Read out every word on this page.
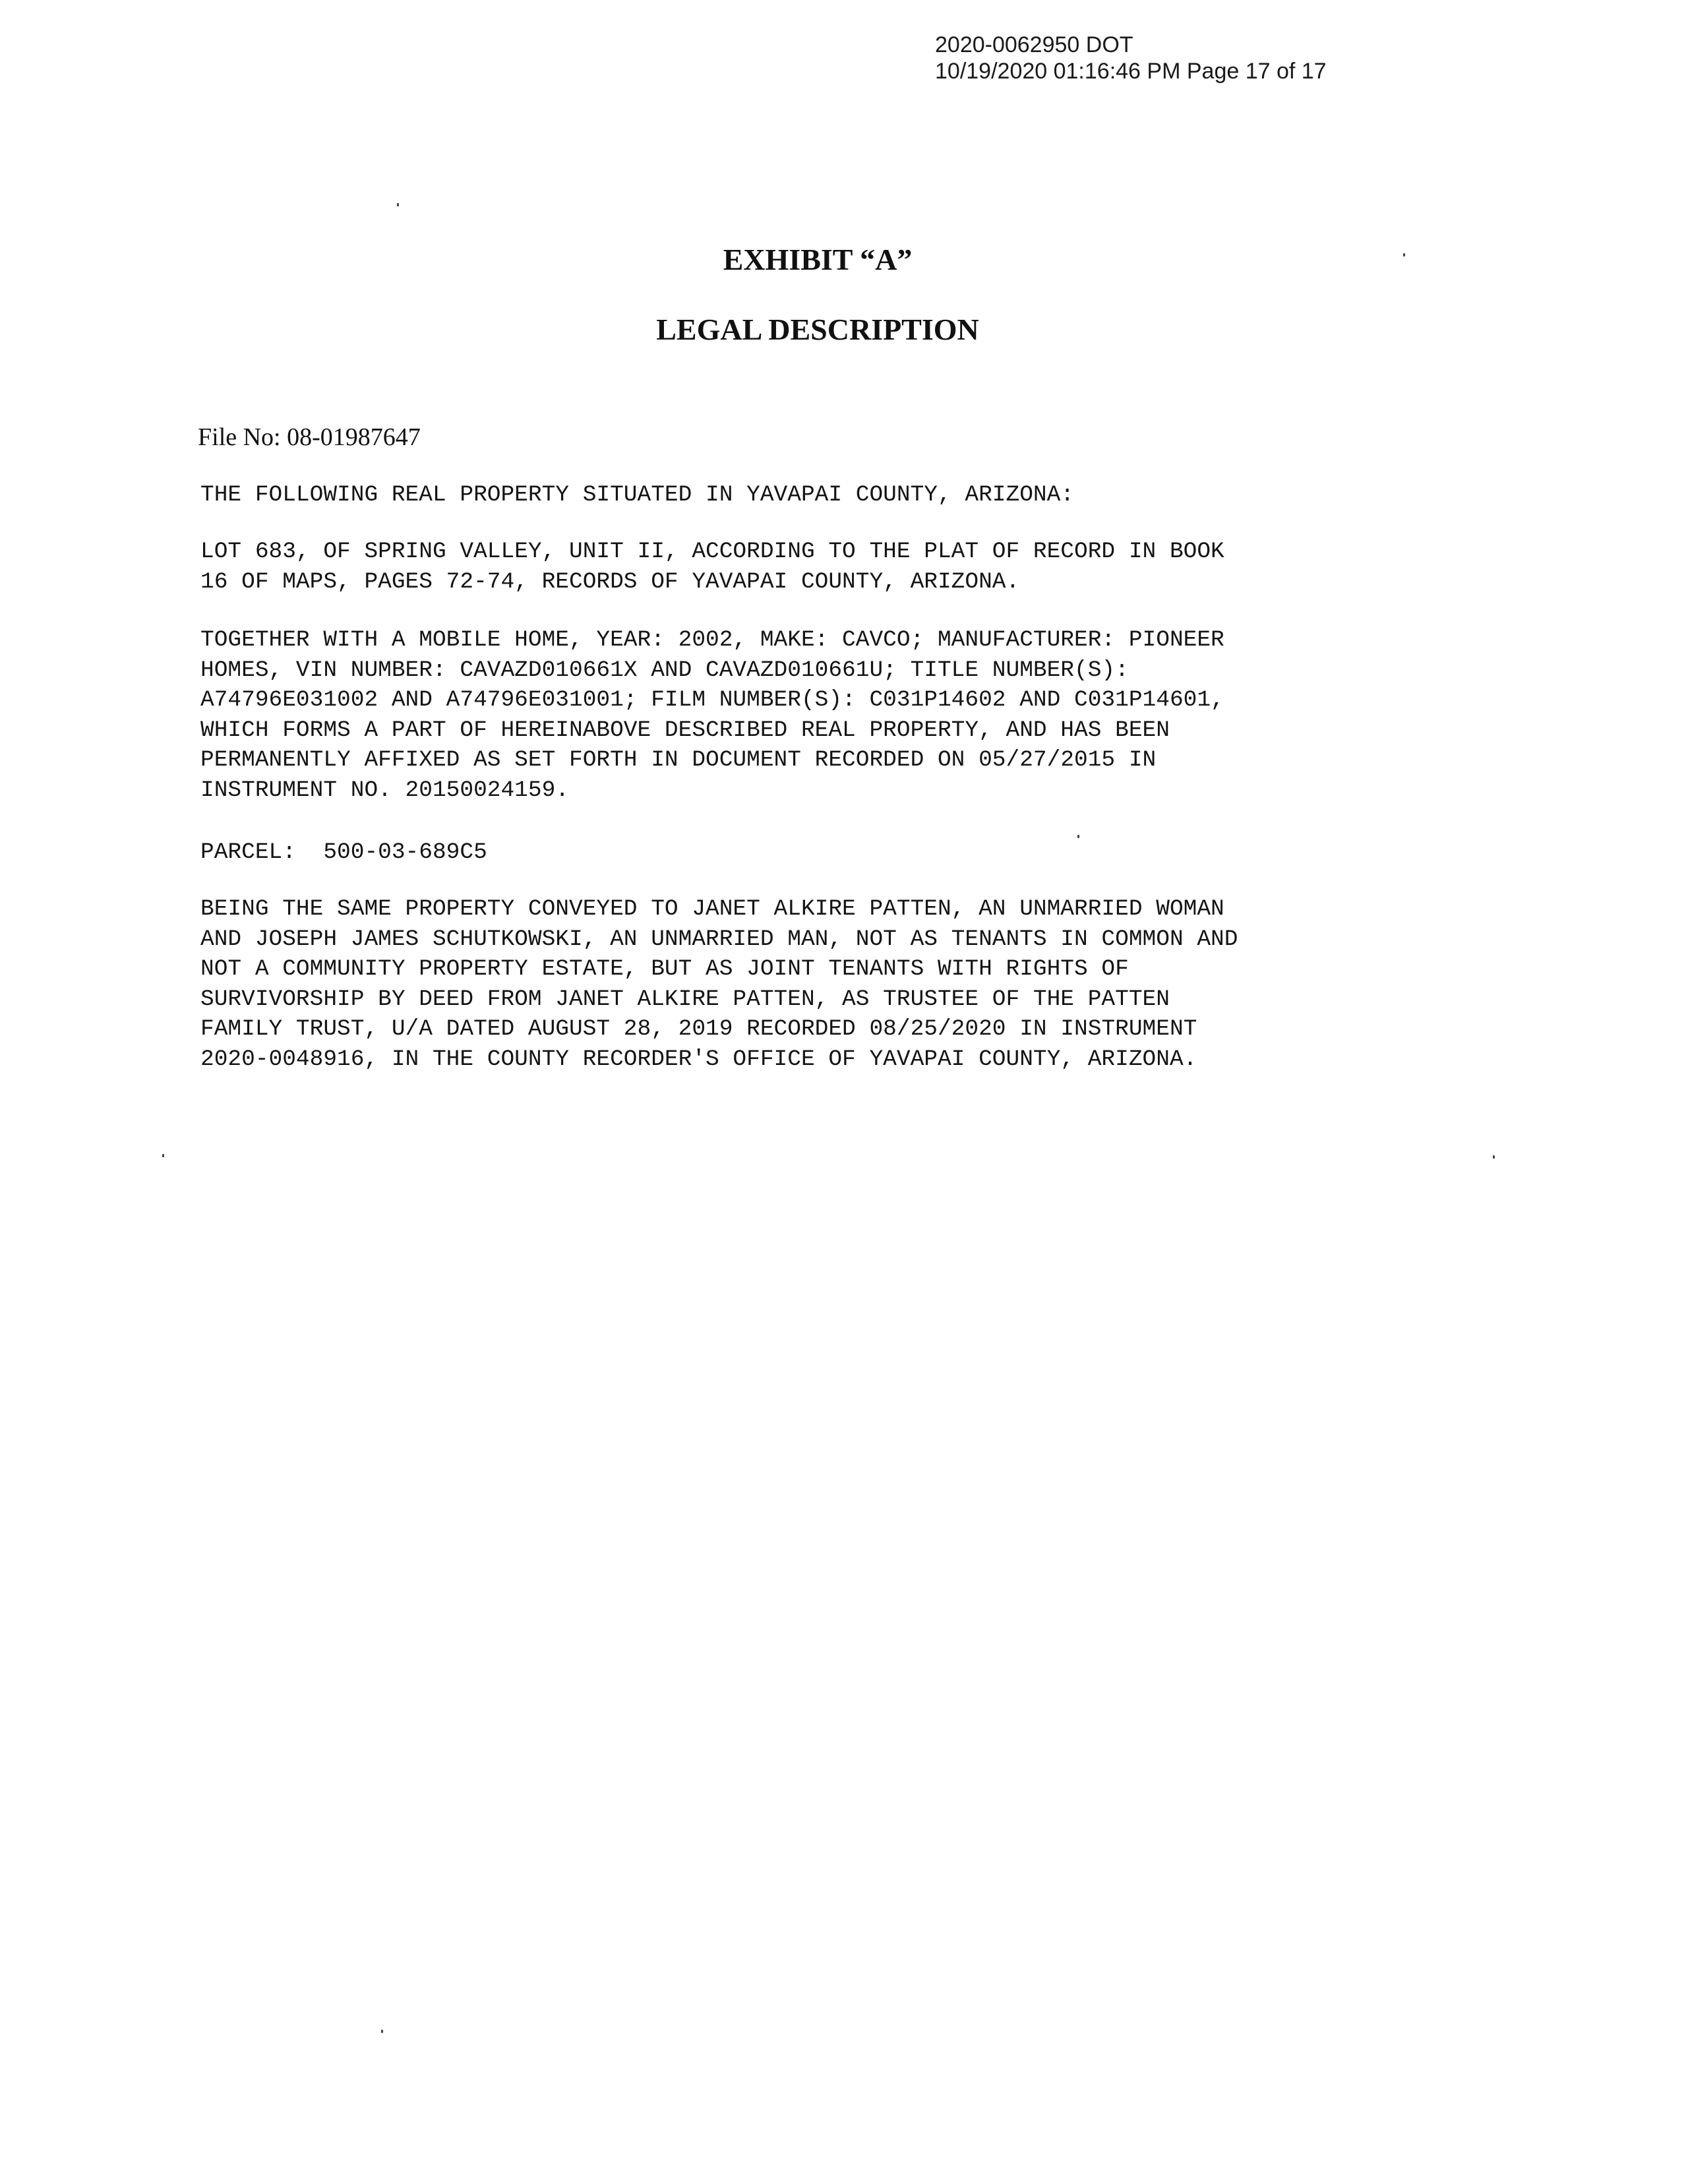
2020-0062950 DOT
10/19/2020 01:16:46 PM Page 17 of 17
EXHIBIT “A”
LEGAL DESCRIPTION
File No: 08-01987647
THE FOLLOWING REAL PROPERTY SITUATED IN YAVAPAI COUNTY, ARIZONA:
LOT 683, OF SPRING VALLEY, UNIT II, ACCORDING TO THE PLAT OF RECORD IN BOOK
16 OF MAPS, PAGES 72-74, RECORDS OF YAVAPAI COUNTY, ARIZONA.
TOGETHER WITH A MOBILE HOME, YEAR: 2002, MAKE: CAVCO; MANUFACTURER: PIONEER
HOMES, VIN NUMBER: CAVAZD010661X AND CAVAZD010661U; TITLE NUMBER(S):
A74796E031002 AND A74796E031001; FILM NUMBER(S): C031P14602 AND C031P14601,
WHICH FORMS A PART OF HEREINABOVE DESCRIBED REAL PROPERTY, AND HAS BEEN
PERMANENTLY AFFIXED AS SET FORTH IN DOCUMENT RECORDED ON 05/27/2015 IN
INSTRUMENT NO. 20150024159.
PARCEL:  500-03-689C5
BEING THE SAME PROPERTY CONVEYED TO JANET ALKIRE PATTEN, AN UNMARRIED WOMAN
AND JOSEPH JAMES SCHUTKOWSKI, AN UNMARRIED MAN, NOT AS TENANTS IN COMMON AND
NOT A COMMUNITY PROPERTY ESTATE, BUT AS JOINT TENANTS WITH RIGHTS OF
SURVIVORSHIP BY DEED FROM JANET ALKIRE PATTEN, AS TRUSTEE OF THE PATTEN
FAMILY TRUST, U/A DATED AUGUST 28, 2019 RECORDED 08/25/2020 IN INSTRUMENT
2020-0048916, IN THE COUNTY RECORDER'S OFFICE OF YAVAPAI COUNTY, ARIZONA.
